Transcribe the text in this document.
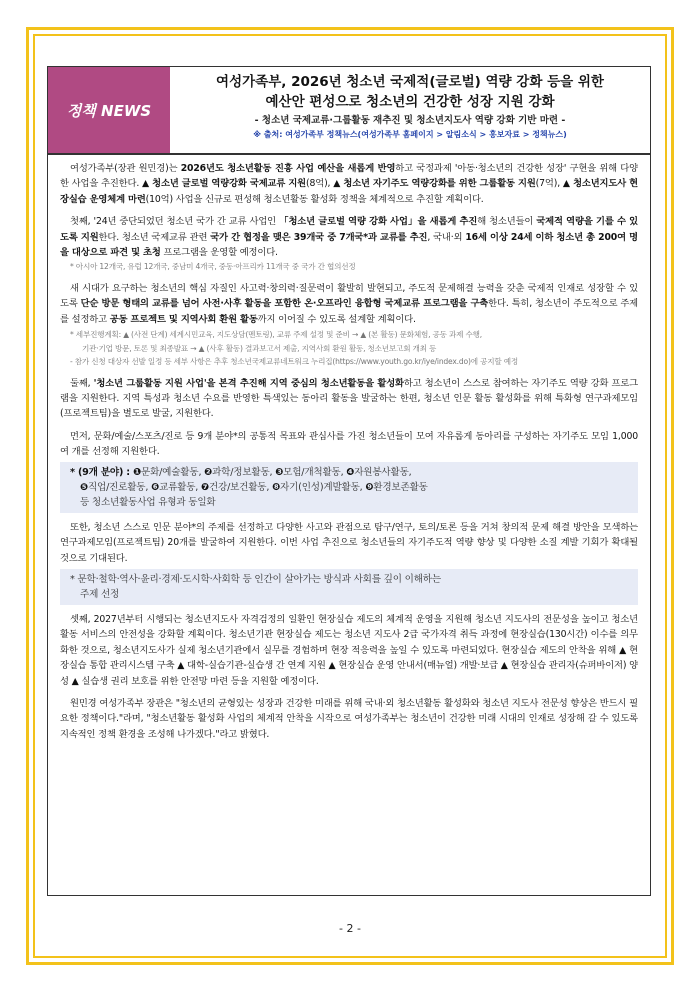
정책 NEWS
여성가족부, 2026년 청소년 국제적(글로벌) 역량 강화 등을 위한
예산안 편성으로 청소년의 건강한 성장 지원 강화
- 청소년 국제교류·그룹활동 재추진 및 청소년지도사 역량 강화 기반 마련 -
※ 출처: 여성가족부 정책뉴스(여성가족부 홈페이지 > 알림소식 > 홍보자료 > 정책뉴스)

여성가족부(장관 원민경)는 2026년도 청소년활동 진흥 사업 예산을 새롭게 반영하고 국정과제 '아동·청소년의 건강한 성장' 구현을 위해 다양한 사업을 추진한다. ▲ 청소년 글로벌 역량강화 국제교류 지원(8억), ▲ 청소년 자기주도 역량강화를 위한 그룹활동 지원(7억), ▲ 청소년지도사 현장실습 운영체계 마련(10억) 사업을 신규로 편성해 청소년활동 활성화 정책을 체계적으로 추진할 계획이다.

첫째, '24년 중단되었던 청소년 국가 간 교류 사업인 「청소년 글로벌 역량 강화 사업」을 새롭게 추진해 청소년들이 국제적 역량을 기를 수 있도록 지원한다. 청소년 국제교류 관련 국가 간 협정을 맺은 39개국 중 7개국*과 교류를 추진, 국내·외 16세 이상 24세 이하 청소년 총 200여 명을 대상으로 파견 및 초청 프로그램을 운영할 예정이다.

* 아시아 12개국, 유럽 12개국, 중남미 4개국, 중동·아프리카 11개국 중 국가 간 협의선정

새 시대가 요구하는 청소년의 핵심 자질인 사고력·창의력·질문력이 활발히 발현되고, 주도적 문제해결 능력을 갖춘 국제적 인재로 성장할 수 있도록 단순 방문 형태의 교류를 넘어 사전·사후 활동을 포함한 온·오프라인 융합형 국제교류 프로그램을 구축한다. 특히, 청소년이 주도적으로 주제를 설정하고 공동 프로젝트 및 지역사회 환원 활동까지 이어질 수 있도록 설계할 계획이다.

* 세부진행계획: ▲ (사전 단계) 세계시민교육, 지도상담(멘토링), 교류 주제 설정 및 준비 → ▲ (본 활동) 문화체험, 공동 과제 수행,
기관·기업 방문, 토론 및 최종발표 → ▲ (사후 활동) 결과보고서 제출, 지역사회 환원 활동, 청소년보고회 개최 등
- 참가 신청 대상자 선발 일정 등 세부 사항은 추후 청소년국제교류네트워크 누리집(https://www.youth.go.kr/iye/index.do)에 공지할 예정

둘째, '청소년 그룹활동 지원 사업'을 본격 추진해 지역 중심의 청소년활동을 활성화하고 청소년이 스스로 참여하는 자기주도 역량 강화 프로그램을 지원한다. 지역 특성과 청소년 수요를 반영한 특색있는 동아리 활동을 발굴하는 한편, 청소년 인문 활동 활성화를 위해 특화형 연구과제모임(프로젝트팀)을 별도로 발굴, 지원한다.

먼저, 문화/예술/스포츠/진로 등 9개 분야*의 공통적 목표와 관심사를 가진 청소년들이 모여 자유롭게 동아리를 구성하는 자기주도 모임 1,000여 개를 선정해 지원한다.

* (9개 분야) : ❶문화/예술활동, ❷과학/정보활동, ❸모험/개척활동, ❹자원봉사활동,
❺직업/진로활동, ❻교류활동, ❼건강/보건활동, ❽자기(인성)계발활동, ❾환경보존활동
등 청소년활동사업 유형과 동일화

또한, 청소년 스스로 인문 분야*의 주제를 선정하고 다양한 사고와 관점으로 탐구/연구, 토의/토론 등을 거쳐 창의적 문제 해결 방안을 모색하는 연구과제모임(프로젝트팀) 20개를 발굴하여 지원한다. 이번 사업 추진으로 청소년들의 자기주도적 역량 향상 및 다양한 소질 계발 기회가 확대될 것으로 기대된다.

* 문학·철학·역사·윤리·경제·도시학·사회학 등 인간이 살아가는 방식과 사회를 깊이 이해하는
주제 선정

셋째, 2027년부터 시행되는 청소년지도사 자격검정의 일환인 현장실습 제도의 체계적 운영을 지원해 청소년 지도사의 전문성을 높이고 청소년활동 서비스의 안전성을 강화할 계획이다. 청소년기관 현장실습 제도는 청소년 지도사 2급 국가자격 취득 과정에 현장실습(130시간) 이수를 의무화한 것으로, 청소년지도사가 실제 청소년기관에서 실무를 경험하며 현장 적응력을 높일 수 있도록 마련되었다. 현장실습 제도의 안착을 위해 ▲ 현장실습 통합 관리시스템 구축 ▲ 대학-실습기관-실습생 간 연계 지원 ▲ 현장실습 운영 안내서(매뉴얼) 개발·보급 ▲ 현장실습 관리자(슈퍼바이저) 양성 ▲ 실습생 권리 보호를 위한 안전망 마련 등을 지원할 예정이다.

원민경 여성가족부 장관은 "청소년의 균형있는 성장과 건강한 미래를 위해 국내·외 청소년활동 활성화와 청소년 지도사 전문성 향상은 반드시 필요한 정책이다."라며, "청소년활동 활성화 사업의 체계적 안착을 시작으로 여성가족부는 청소년이 건강한 미래 시대의 인재로 성장해 갈 수 있도록 지속적인 정책 환경을 조성해 나가겠다."라고 밝혔다.

- 2 -
